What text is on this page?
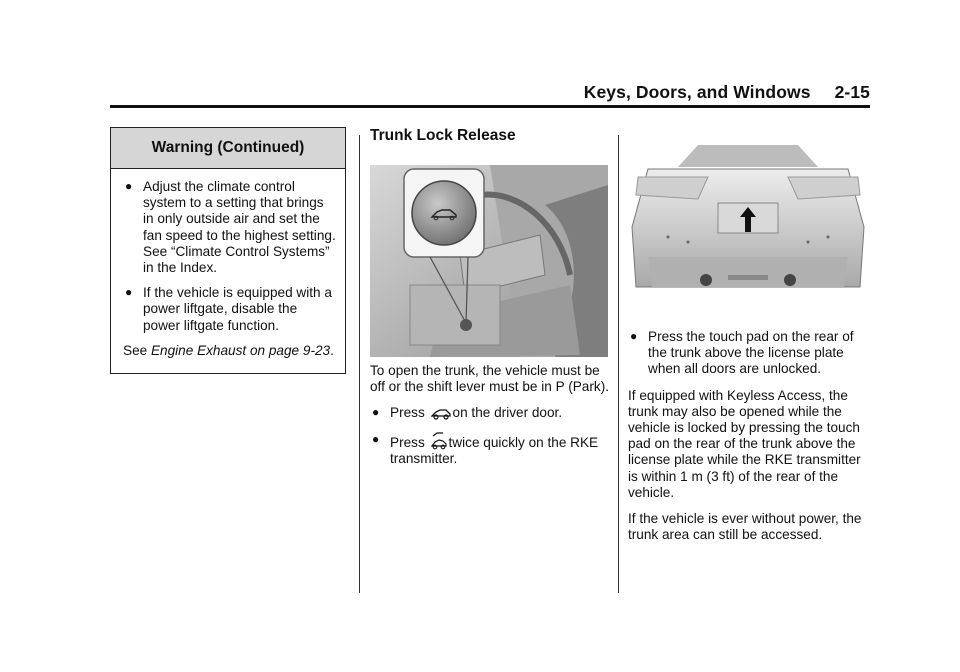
Keys, Doors, and Windows 2-15
Warning (Continued)
● Adjust the climate control system to a setting that brings in only outside air and set the fan speed to the highest setting. See “Climate Control Systems” in the Index.
● If the vehicle is equipped with a power liftgate, disable the power liftgate function.
See Engine Exhaust on page 9-23.
Trunk Lock Release

To open the trunk, the vehicle must be off or the shift lever must be in P (Park).

● Press on the driver door.
● Press twice quickly on the RKE transmitter.
● Press the touch pad on the rear of the trunk above the license plate when all doors are unlocked.

If equipped with Keyless Access, the trunk may also be opened while the vehicle is locked by pressing the touch pad on the rear of the trunk above the license plate while the RKE transmitter is within 1 m (3 ft) of the rear of the vehicle.

If the vehicle is ever without power, the trunk area can still be accessed.
